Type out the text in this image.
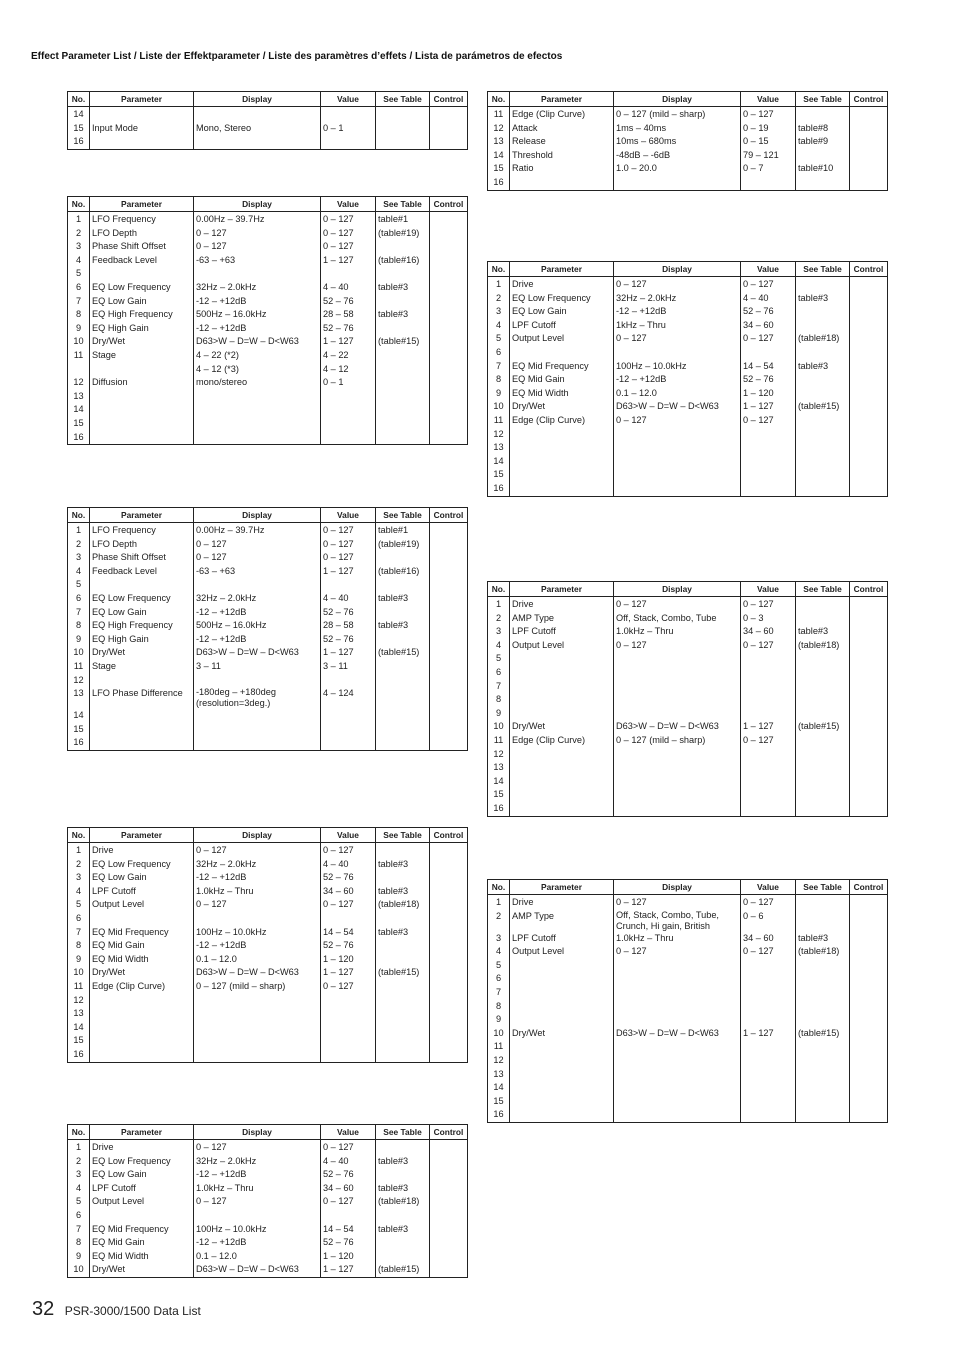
Effect Parameter List / Liste der Effektparameter / Liste des paramètres d’effets / Lista de parámetros de efectos
No.	Parameter	Display	Value	See Table	Control
14					
15	Input Mode	Mono, Stereo	0 – 1		
16					
No.	Parameter	Display	Value	See Table	Control
1	LFO Frequency	0.00Hz – 39.7Hz	0 – 127	table#1	
2	LFO Depth	0 – 127	0 – 127	(table#19)	
3	Phase Shift Offset	0 – 127	0 – 127		
4	Feedback Level	-63 – +63	1 – 127	(table#16)	
5					
6	EQ Low Frequency	32Hz – 2.0kHz	4 – 40	table#3	
7	EQ Low Gain	-12 – +12dB	52 – 76		
8	EQ High Frequency	500Hz – 16.0kHz	28 – 58	table#3	
9	EQ High Gain	-12 – +12dB	52 – 76		
10	Dry/Wet	D63>W – D=W – D<W63	1 – 127	(table#15)	

11	Stage	4 – 22 (*2)	4 – 22		
		4 – 12 (*3)	4 – 12		
12	Diffusion	mono/stereo	0 – 1		
13					
14					
15					
16					
No.	Parameter	Display	Value	See Table	Control
1	LFO Frequency	0.00Hz – 39.7Hz	0 – 127	table#1	
2	LFO Depth	0 – 127	0 – 127	(table#19)	
3	Phase Shift Offset	0 – 127	0 – 127		
4	Feedback Level	-63 – +63	1 – 127	(table#16)	
5					
6	EQ Low Frequency	32Hz – 2.0kHz	4 – 40	table#3	
7	EQ Low Gain	-12 – +12dB	52 – 76		
8	EQ High Frequency	500Hz – 16.0kHz	28 – 58	table#3	
9	EQ High Gain	-12 – +12dB	52 – 76		
10	Dry/Wet	D63>W – D=W – D<W63	1 – 127	(table#15)	

11	Stage	3 – 11	3 – 11		
12					
13	LFO Phase Difference	-180deg – +180deg (resolution=3deg.)	4 – 124		
14					
15					
16					
No.	Parameter	Display	Value	See Table	Control
1	Drive	0 – 127	0 – 127		
2	EQ Low Frequency	32Hz – 2.0kHz	4 – 40	table#3	
3	EQ Low Gain	-12 – +12dB	52 – 76		
4	LPF Cutoff	1.0kHz – Thru	34 – 60	table#3	
5	Output Level	0 – 127	0 – 127	(table#18)	
6					
7	EQ Mid Frequency	100Hz – 10.0kHz	14 – 54	table#3	
8	EQ Mid Gain	-12 – +12dB	52 – 76		
9	EQ Mid Width	0.1 – 12.0	1 – 120		
10	Dry/Wet	D63>W – D=W – D<W63	1 – 127	(table#15)	

11	Edge (Clip Curve)	0 – 127 (mild – sharp)	0 – 127		
12					
13					
14					
15					
16					
No.	Parameter	Display	Value	See Table	Control
1	Drive	0 – 127	0 – 127		
2	EQ Low Frequency	32Hz – 2.0kHz	4 – 40	table#3	
3	EQ Low Gain	-12 – +12dB	52 – 76		
4	LPF Cutoff	1.0kHz – Thru	34 – 60	table#3	
5	Output Level	0 – 127	0 – 127	(table#18)	
6					
7	EQ Mid Frequency	100Hz – 10.0kHz	14 – 54	table#3	
8	EQ Mid Gain	-12 – +12dB	52 – 76		
9	EQ Mid Width	0.1 – 12.0	1 – 120		
10	Dry/Wet	D63>W – D=W – D<W63	1 – 127	(table#15)	
No.	Parameter	Display	Value	See Table	Control

11	Edge (Clip Curve)	0 – 127 (mild – sharp)	0 – 127		
12	Attack	1ms – 40ms	0 – 19	table#8	
13	Release	10ms – 680ms	0 – 15	table#9	
14	Threshold	-48dB – -6dB	79 – 121		
15	Ratio	1.0 – 20.0	0 – 7	table#10	
16					
No.	Parameter	Display	Value	See Table	Control
1	Drive	0 – 127	0 – 127		
2	EQ Low Frequency	32Hz – 2.0kHz	4 – 40	table#3	
3	EQ Low Gain	-12 – +12dB	52 – 76		
4	LPF Cutoff	1kHz – Thru	34 – 60		
5	Output Level	0 – 127	0 – 127	(table#18)	
6					
7	EQ Mid Frequency	100Hz – 10.0kHz	14 – 54	table#3	
8	EQ Mid Gain	-12 – +12dB	52 – 76		
9	EQ Mid Width	0.1 – 12.0	1 – 120		
10	Dry/Wet	D63>W – D=W – D<W63	1 – 127	(table#15)	

11	Edge (Clip Curve)	0 – 127	0 – 127		
12					
13					
14					
15					
16					
No.	Parameter	Display	Value	See Table	Control
1	Drive	0 – 127	0 – 127		
2	AMP Type	Off, Stack, Combo, Tube	0 – 3		
3	LPF Cutoff	1.0kHz – Thru	34 – 60	table#3	
4	Output Level	0 – 127	0 – 127	(table#18)	
5					
6					
7					
8					
9					
10	Dry/Wet	D63>W – D=W – D<W63	1 – 127	(table#15)	

11	Edge (Clip Curve)	0 – 127 (mild – sharp)	0 – 127		
12					
13					
14					
15					
16					
No.	Parameter	Display	Value	See Table	Control
1	Drive	0 – 127	0 – 127		
2	AMP Type	Off, Stack, Combo, Tube, Crunch, Hi gain, British	0 – 6		
3	LPF Cutoff	1.0kHz – Thru	34 – 60	table#3	
4	Output Level	0 – 127	0 – 127	(table#18)	
5					
6					
7					
8					
9					
10	Dry/Wet	D63>W – D=W – D<W63	1 – 127	(table#15)	

11					
12					
13					
14					
15					
16					
32 PSR-3000/1500 Data List
